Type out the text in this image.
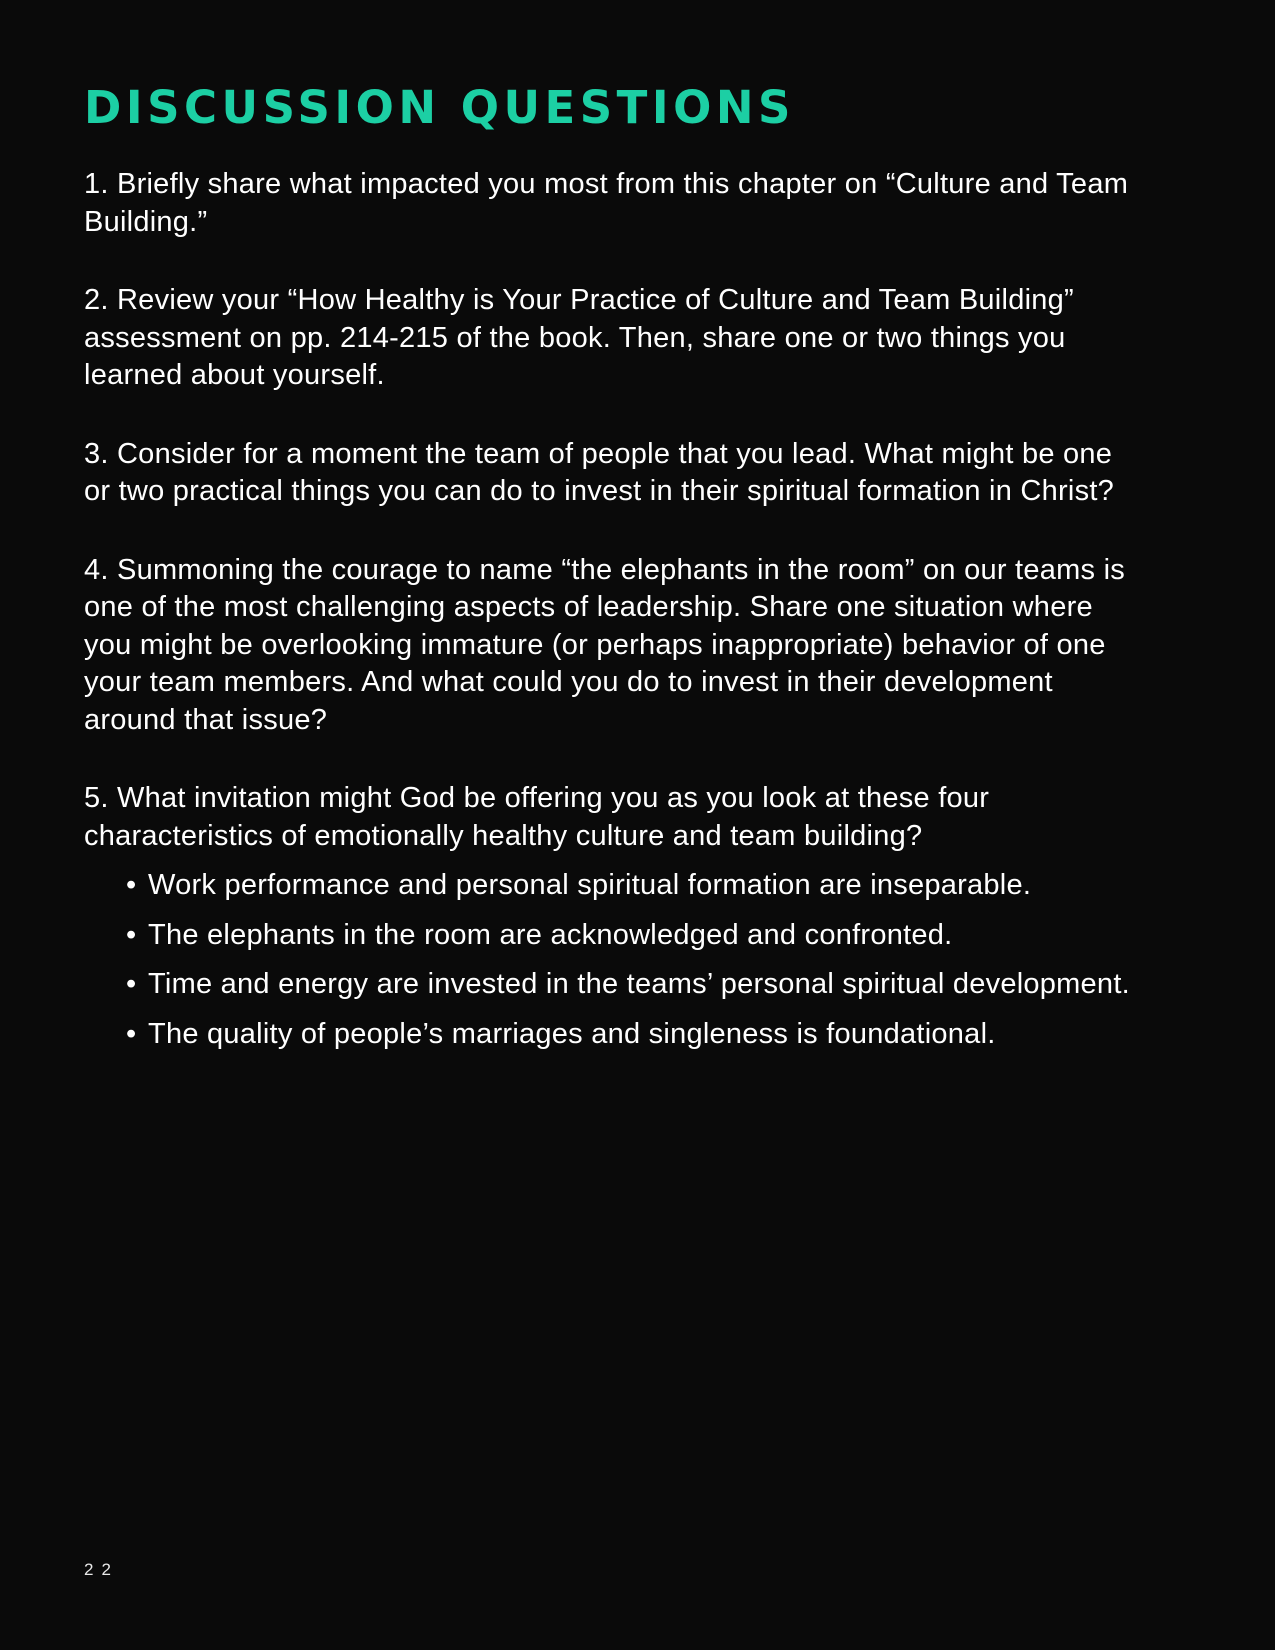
DISCUSSION QUESTIONS
1. Briefly share what impacted you most from this chapter on “Culture and Team Building.”
2. Review your “How Healthy is Your Practice of Culture and Team Building” assessment on pp. 214-215 of the book. Then, share one or two things you learned about yourself.
3. Consider for a moment the team of people that you lead. What might be one or two practical things you can do to invest in their spiritual formation in Christ?
4. Summoning the courage to name “the elephants in the room” on our teams is one of the most challenging aspects of leadership. Share one situation where you might be overlooking immature (or perhaps inappropriate) behavior of one your team members. And what could you do to invest in their development around that issue?
5. What invitation might God be offering you as you look at these four characteristics of emotionally healthy culture and team building?
• Work performance and personal spiritual formation are inseparable.
• The elephants in the room are acknowledged and confronted.
• Time and energy are invested in the teams’ personal spiritual development.
• The quality of people’s marriages and singleness is foundational.
22
